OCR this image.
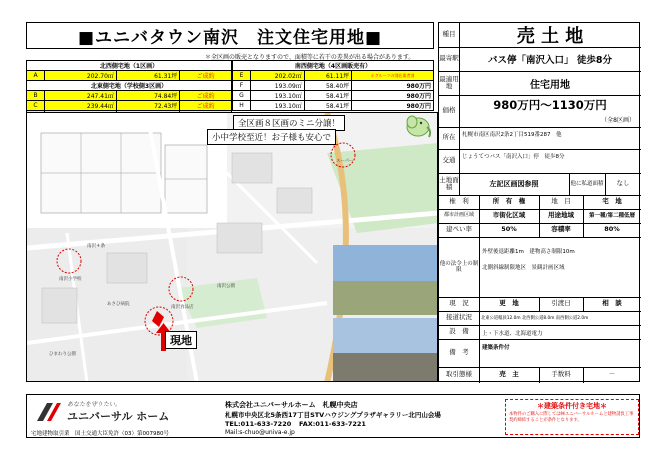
■ユニバタウン南沢　注文住宅用地■
＊全区画の販売となりますので、面積等に若干の差異が出る場合があります。
北西側宅地（1区画）			
A	202.70㎡	61.31坪	ご成約
北東側宅地（学校側3区画）			
B	247.41㎡	74.84坪	ご成約
C	239.44㎡	72.43坪	ご成約

南西側宅地（4区画販売有）			
E	202.02㎡	61.11坪	ホグルーフの別荘業者別
F	193.09㎡	58.40坪	980万円
G	193.10㎡	58.41坪	980万円
H	193.10㎡	58.41坪	980万円
全区画８区画のミニ分譲！
小中学校至近！お子様も安心で
スーパー
南沢小学校
南沢食品店
南沢公園
あさひ病院
南沢４条
ひまわり公園
現地
種目	売 土 地
最寄駅	バス停「南沢入口」 徒歩8分
最適用地	住宅用地
価格	980万円～1130万円
（全8区画）
所在	札幌市南区南沢2条2丁目519番287　他
交通	じょうてつバス「南沢入口」停　徒歩8分
土地面積	左記区画図参照	他に私道面積	なし
権　利	所　有　権	地　目	宅　地
都市計画区域	市街化区域	用途地域	第一種/第二種低層
建ぺい率	50%	容積率	80%
他の法令上の制限
外壁後退距離1m　建物高さ制限10m
北側斜線制限地区　景観計画区域
現　況	更　地	引渡日	相　談
接道状況	北東公道幅員12.0m 北西側公道8.0m 南西側公道2.0m
設　備	上・下水道、北海道電力
備　考
建築条件付
取引態様	売　主	手数料	－
あなたを守りたい。
ユニバーサル ホーム
宅地建物取引業　国土交通大臣免許（03）第007980号
株式会社ユニバーサルホーム　札幌中央店
札幌市中央区北5条西17丁目STVハウジングプラザギャラリー北円山会場
TEL:011-633-7220 FAX:011-633-7221
Mail:s-chuo@univa-e.jp
＊建築条件付き宅地＊
本物件のご購入に際しては㈱ユニバーサルホームと建物請負工事契約締結することが条件となります。
